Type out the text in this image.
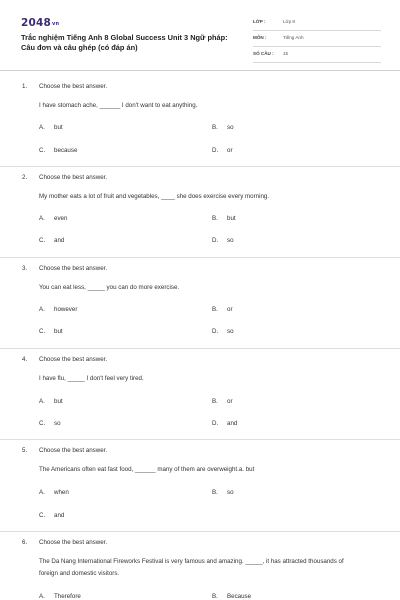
2048vn
Trắc nghiệm Tiếng Anh 8 Global Success Unit 3 Ngữ pháp: Câu đơn và câu ghép (có đáp án)
LỚP :	Lớp 8
MÔN :	Tiếng Anh
SỐ CÂU : 15
1. Choose the best answer.
I have stomach ache, ______ I don't want to eat anything.
A. but	B. so
C. because	D. or
2. Choose the best answer.
My mother eats a lot of fruit and vegetables, ____ she does exercise every morning.
A. even	B. but
C. and	D. so
3. Choose the best answer.
You can eat less, _____ you can do more exercise.
A. however	B. or
C. but	D. so
4. Choose the best answer.
I have flu, _____ I don't feel very tired.
A. but	B. or
C. so	D. and
5. Choose the best answer.
The Americans often eat fast food, ______ many of them are overweight.a. but
A. when	B. so
C. and
6. Choose the best answer.
The Da Nang International Fireworks Festival is very famous and amazing. _____, it has attracted thousands of foreign and domestic visitors.
A. Therefore	B. Because
